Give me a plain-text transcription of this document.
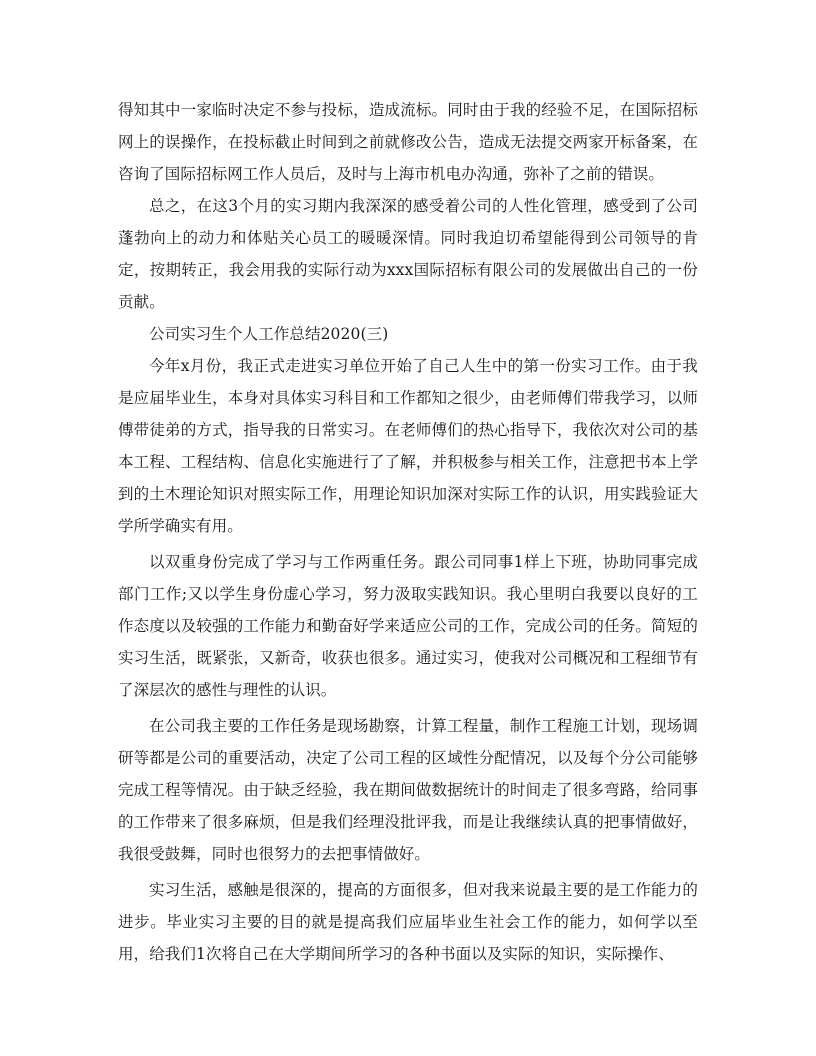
得知其中一家临时决定不参与投标，造成流标。同时由于我的经验不足，在国际招标网上的误操作，在投标截止时间到之前就修改公告，造成无法提交两家开标备案，在咨询了国际招标网工作人员后，及时与上海市机电办沟通，弥补了之前的错误。

总之，在这3个月的实习期内我深深的感受着公司的人性化管理，感受到了公司蓬勃向上的动力和体贴关心员工的暖暖深情。同时我迫切希望能得到公司领导的肯定，按期转正，我会用我的实际行动为xxx国际招标有限公司的发展做出自己的一份贡献。

公司实习生个人工作总结2020(三)

今年x月份，我正式走进实习单位开始了自己人生中的第一份实习工作。由于我是应届毕业生，本身对具体实习科目和工作都知之很少，由老师傅们带我学习，以师傅带徒弟的方式，指导我的日常实习。在老师傅们的热心指导下，我依次对公司的基本工程、工程结构、信息化实施进行了了解，并积极参与相关工作，注意把书本上学到的土木理论知识对照实际工作，用理论知识加深对实际工作的认识，用实践验证大学所学确实有用。

以双重身份完成了学习与工作两重任务。跟公司同事1样上下班，协助同事完成部门工作;又以学生身份虚心学习，努力汲取实践知识。我心里明白我要以良好的工作态度以及较强的工作能力和勤奋好学来适应公司的工作，完成公司的任务。简短的实习生活，既紧张，又新奇，收获也很多。通过实习，使我对公司概况和工程细节有了深层次的感性与理性的认识。

在公司我主要的工作任务是现场勘察，计算工程量，制作工程施工计划，现场调研等都是公司的重要活动，决定了公司工程的区域性分配情况，以及每个分公司能够完成工程等情况。由于缺乏经验，我在期间做数据统计的时间走了很多弯路，给同事的工作带来了很多麻烦，但是我们经理没批评我，而是让我继续认真的把事情做好，我很受鼓舞，同时也很努力的去把事情做好。

实习生活，感触是很深的，提高的方面很多，但对我来说最主要的是工作能力的进步。毕业实习主要的目的就是提高我们应届毕业生社会工作的能力，如何学以至用，给我们1次将自己在大学期间所学习的各种书面以及实际的知识，实际操作、
